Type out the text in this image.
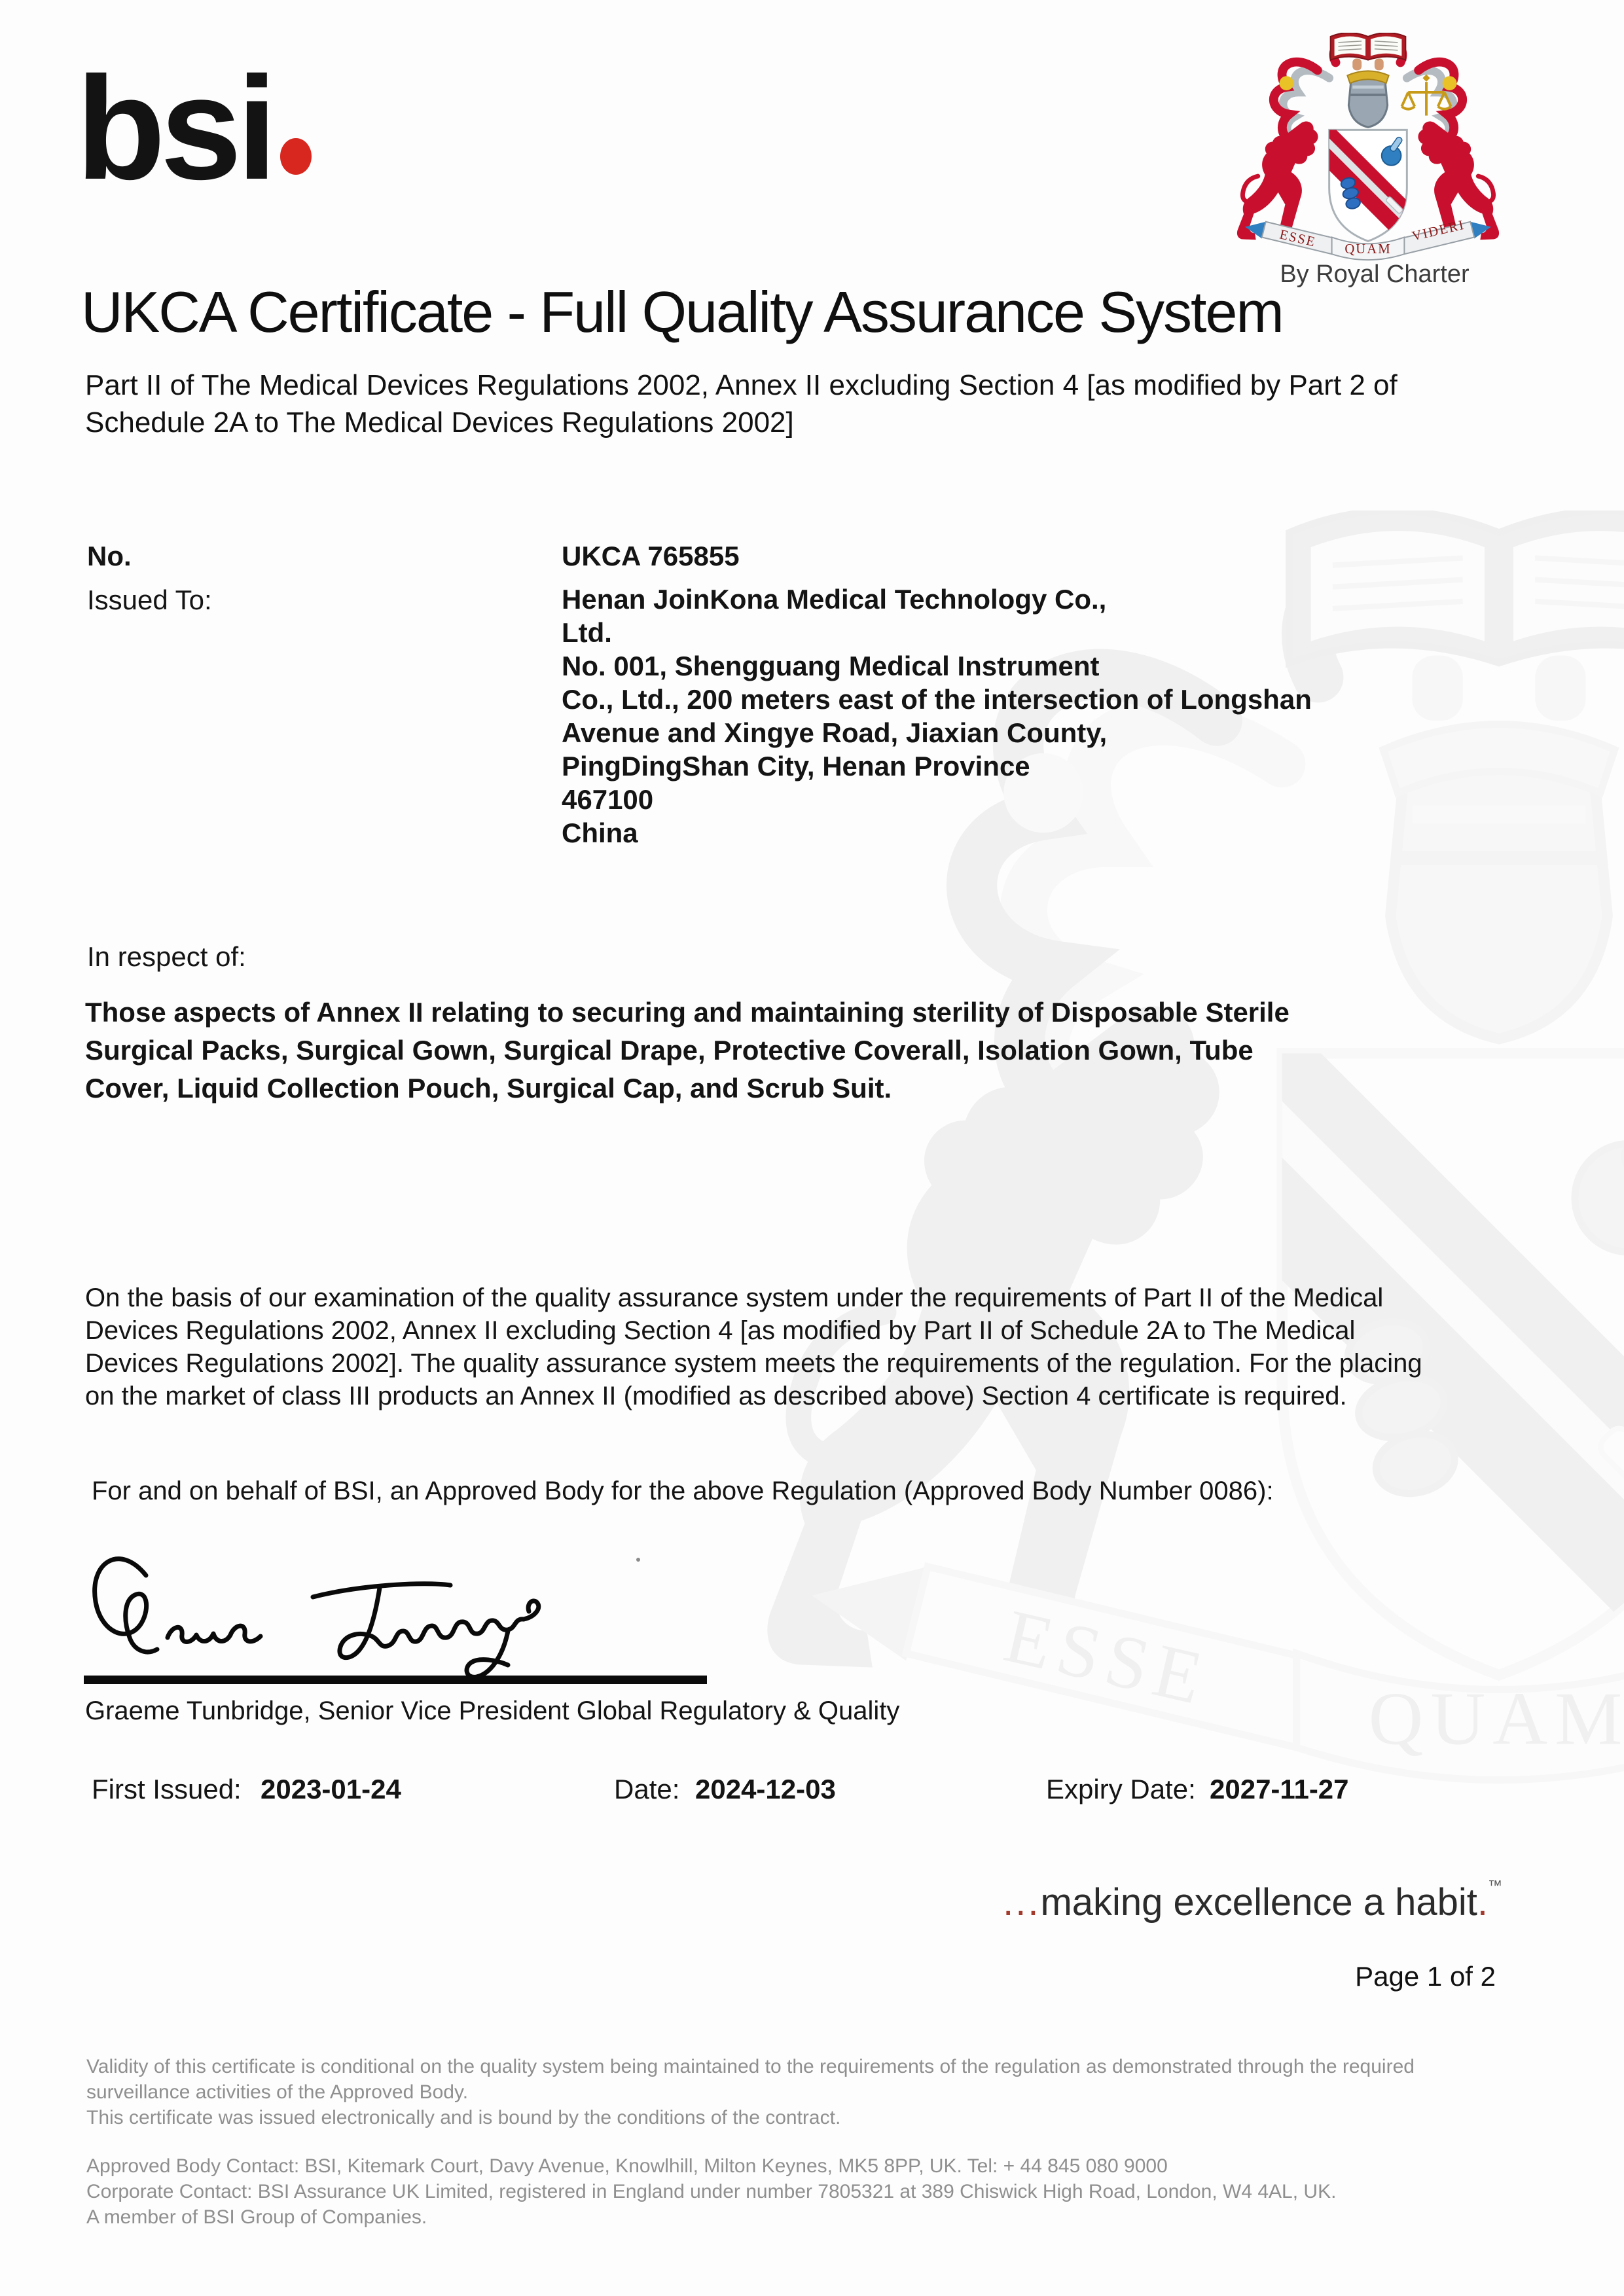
bsi
By Royal Charter
UKCA Certificate - Full Quality Assurance System
Part II of The Medical Devices Regulations 2002, Annex II excluding Section 4 [as modified by Part 2 of
Schedule 2A to The Medical Devices Regulations 2002]
No.	UKCA 765855
Issued To:	Henan JoinKona Medical Technology Co.,
Ltd.
No. 001, Shengguang Medical Instrument
Co., Ltd., 200 meters east of the intersection of Longshan
Avenue and Xingye Road, Jiaxian County,
PingDingShan City, Henan Province
467100
China
In respect of:
Those aspects of Annex II relating to securing and maintaining sterility of Disposable Sterile
Surgical Packs, Surgical Gown, Surgical Drape, Protective Coverall, Isolation Gown, Tube
Cover, Liquid Collection Pouch, Surgical Cap, and Scrub Suit.
On the basis of our examination of the quality assurance system under the requirements of Part II of the Medical
Devices Regulations 2002, Annex II excluding Section 4 [as modified by Part II of Schedule 2A to The Medical
Devices Regulations 2002]. The quality assurance system meets the requirements of the regulation. For the placing
on the market of class III products an Annex II (modified as described above) Section 4 certificate is required.
For and on behalf of BSI, an Approved Body for the above Regulation (Approved Body Number 0086):
Graeme Tunbridge, Senior Vice President Global Regulatory & Quality
First Issued: 2023-01-24	Date: 2024-12-03	Expiry Date: 2027-11-27
...making excellence a habit.™
Page 1 of 2
Validity of this certificate is conditional on the quality system being maintained to the requirements of the regulation as demonstrated through the required
surveillance activities of the Approved Body.
This certificate was issued electronically and is bound by the conditions of the contract.
Approved Body Contact: BSI, Kitemark Court, Davy Avenue, Knowlhill, Milton Keynes, MK5 8PP, UK. Tel: + 44 845 080 9000
Corporate Contact: BSI Assurance UK Limited, registered in England under number 7805321 at 389 Chiswick High Road, London, W4 4AL, UK.
A member of BSI Group of Companies.
